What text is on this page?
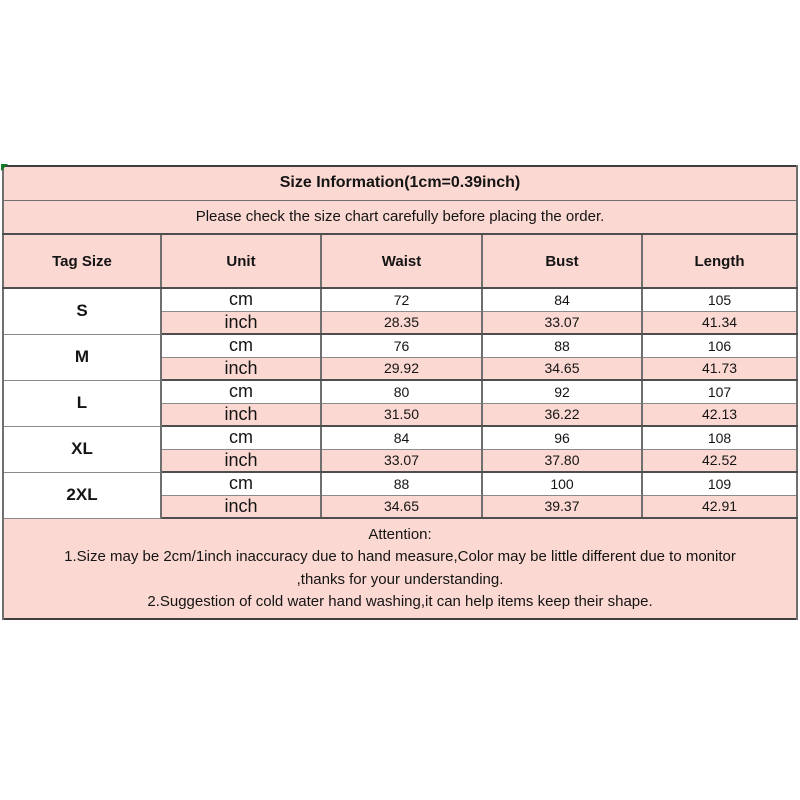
Size Information(1cm=0.39inch)				
Please check the size chart carefully before placing the order.				
Tag Size	Unit	Waist	Bust	Length
S	cm	72	84	105
	inch	28.35	33.07	41.34
M	cm	76	88	106
	inch	29.92	34.65	41.73
L	cm	80	92	107
	inch	31.50	36.22	42.13
XL	cm	84	96	108
	inch	33.07	37.80	42.52
2XL	cm	88	100	109
	inch	34.65	39.37	42.91

Attention:
1.Size may be 2cm/1inch inaccuracy due to hand measure,Color may be little different due to monitor
,thanks for your understanding.
2.Suggestion of cold water hand washing,it can help items keep their shape.				
